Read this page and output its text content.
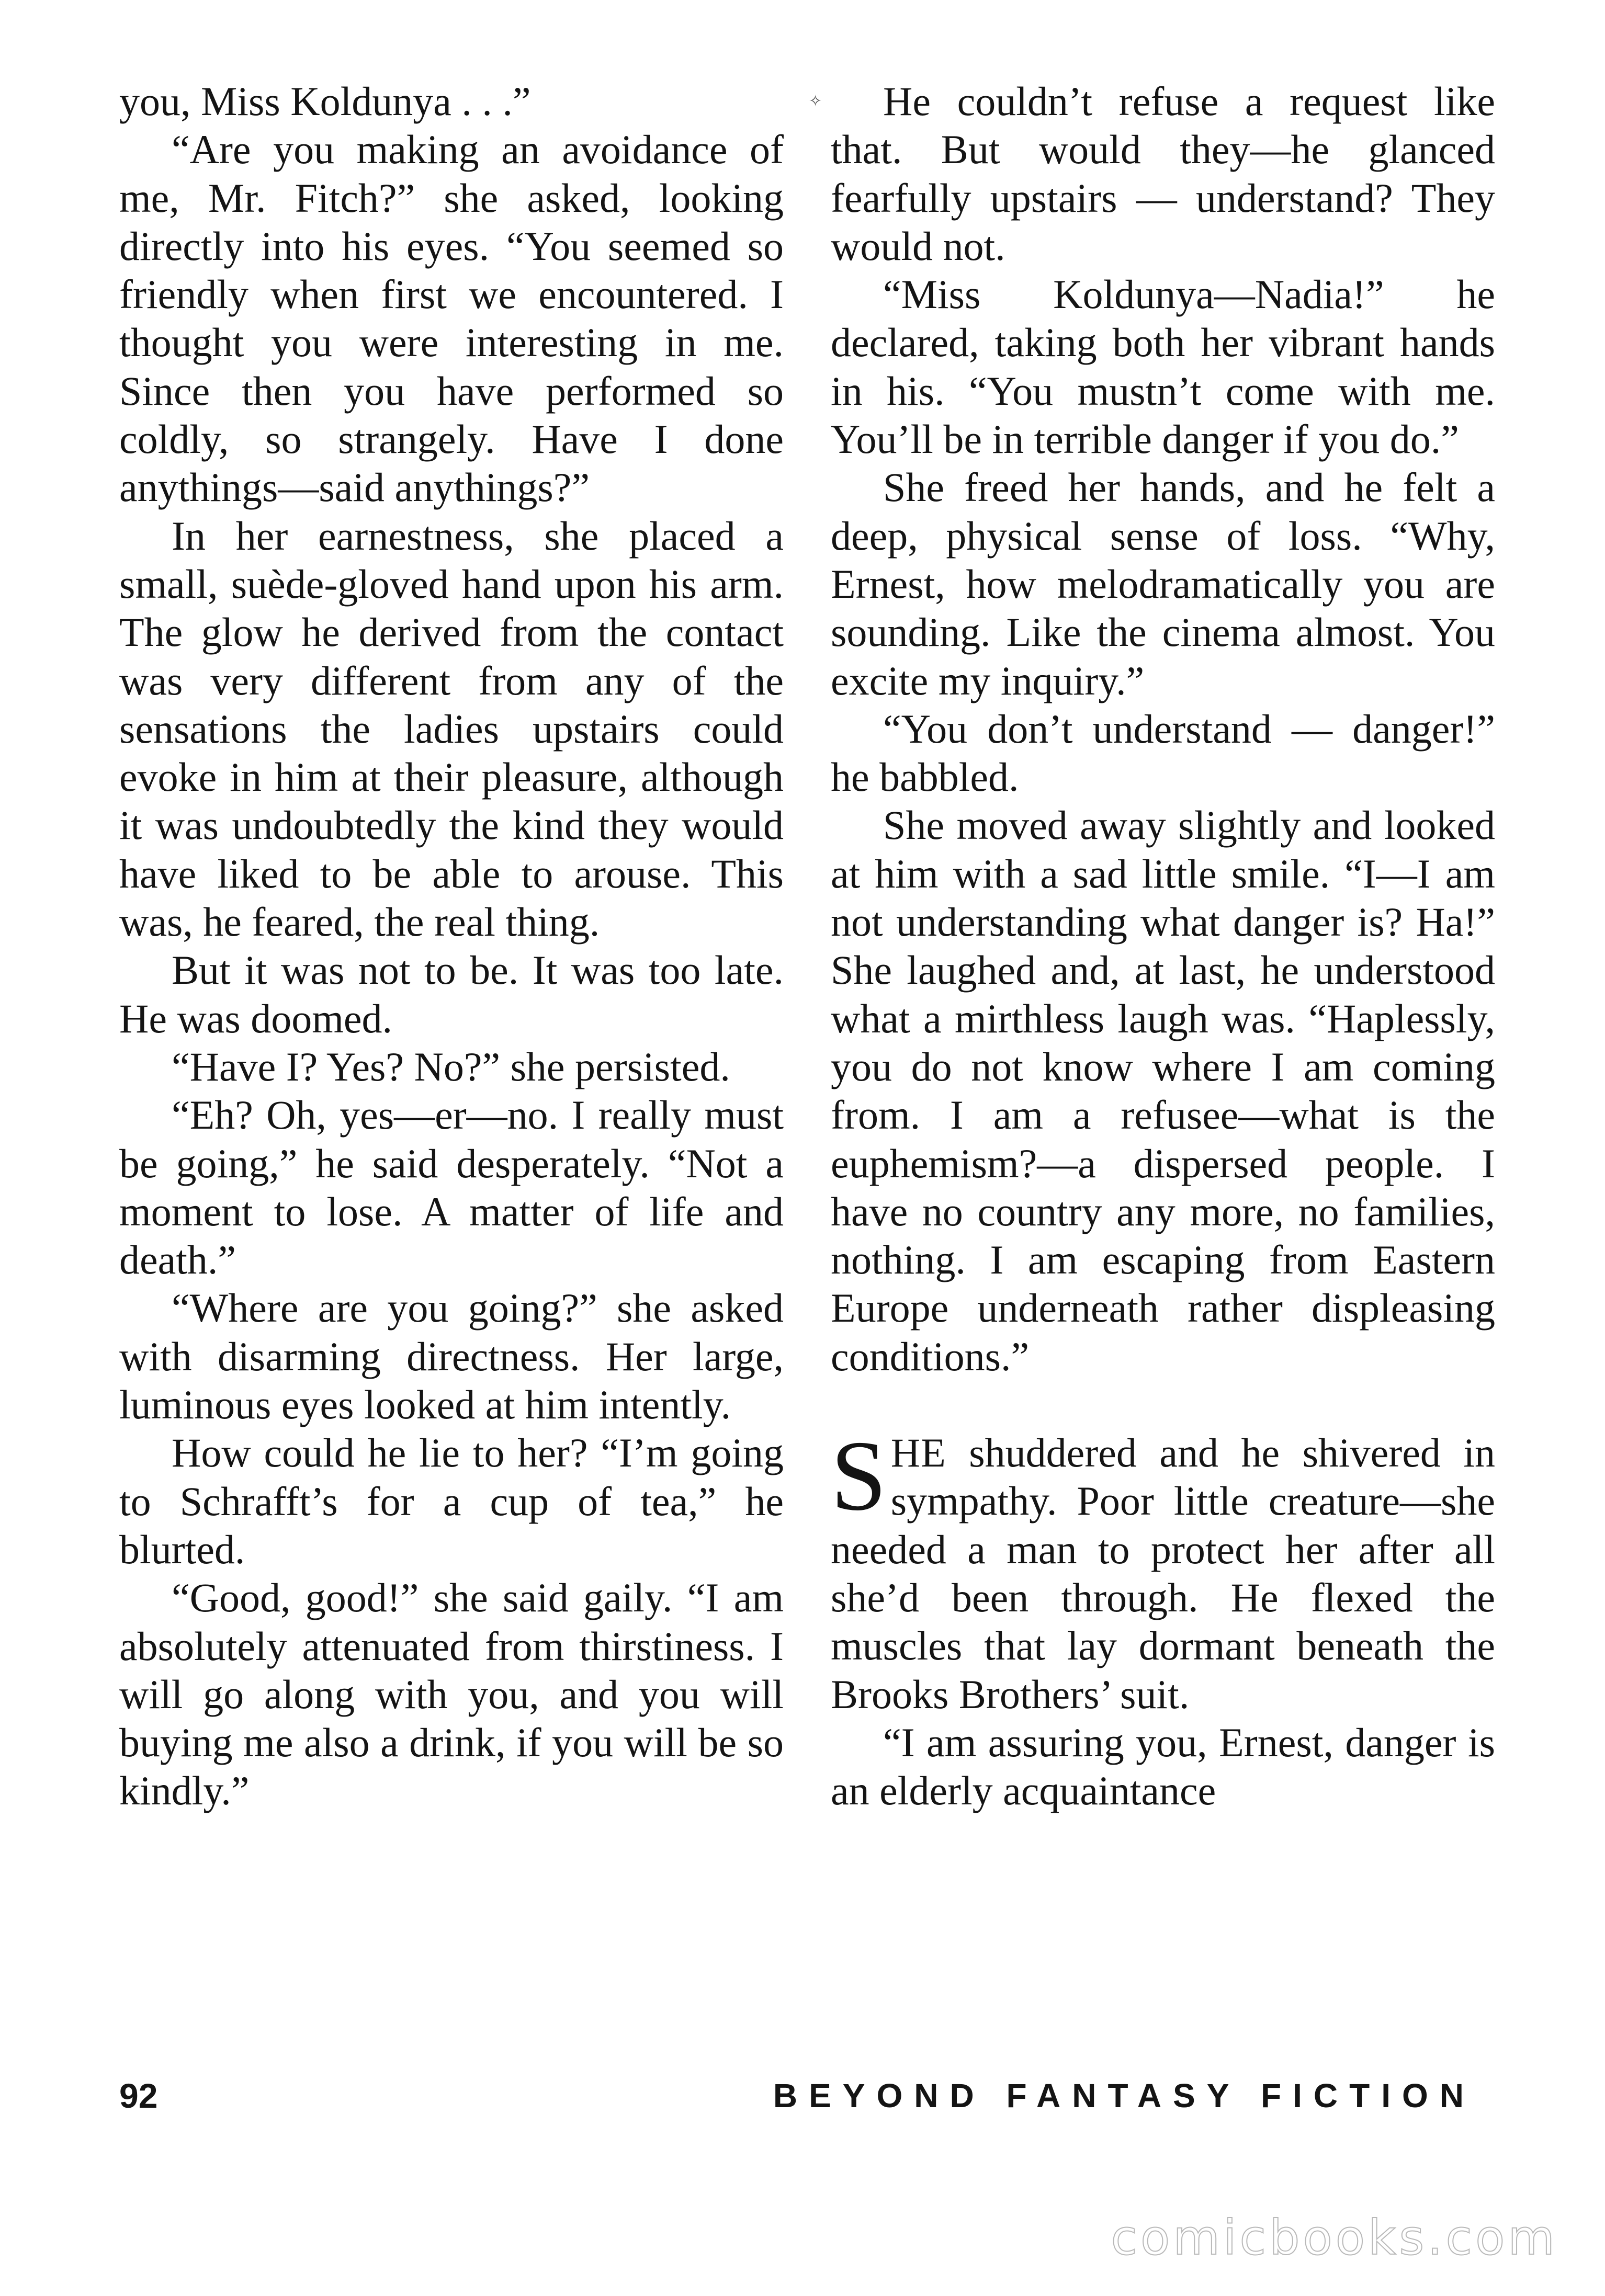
✧

you, Miss Koldunya . . .”

“Are you making an avoidance of me, Mr. Fitch?” she asked, looking directly into his eyes. “You seemed so friendly when first we encountered. I thought you were interesting in me. Since then you have performed so coldly, so strangely. Have I done anythings—said anythings?”

In her earnestness, she placed a small, suède-gloved hand upon his arm. The glow he derived from the contact was very different from any of the sensations the ladies upstairs could evoke in him at their pleasure, although it was undoubtedly the kind they would have liked to be able to arouse. This was, he feared, the real thing.

But it was not to be. It was too late. He was doomed.

“Have I? Yes? No?” she persisted.

“Eh? Oh, yes—er—no. I really must be going,” he said desperately. “Not a moment to lose. A matter of life and death.”

“Where are you going?” she asked with disarming directness. Her large, luminous eyes looked at him intently.

How could he lie to her? “I’m going to Schrafft’s for a cup of tea,” he blurted.

“Good, good!” she said gaily. “I am absolutely attenuated from thirstiness. I will go along with you, and you will buying me also a drink, if you will be so kindly.”

He couldn’t refuse a request like that. But would they—he glanced fearfully upstairs — understand? They would not.

“Miss Koldunya—Nadia!” he declared, taking both her vibrant hands in his. “You mustn’t come with me. You’ll be in terrible danger if you do.”

She freed her hands, and he felt a deep, physical sense of loss. “Why, Ernest, how melodramatically you are sounding. Like the cinema almost. You excite my inquiry.”

“You don’t understand — danger!” he babbled.

She moved away slightly and looked at him with a sad little smile. “I—I am not understanding what danger is? Ha!” She laughed and, at last, he understood what a mirthless laugh was. “Haplessly, you do not know where I am coming from. I am a refusee—what is the euphemism?—a dispersed people. I have no country any more, no families, nothing. I am escaping from Eastern Europe underneath rather displeasing conditions.”

SHE shuddered and he shivered in sympathy. Poor little creature—she needed a man to protect her after all she’d been through. He flexed the muscles that lay dormant beneath the Brooks Brothers’ suit.

“I am assuring you, Ernest, danger is an elderly acquaintance

92	BEYOND FANTASY FICTION
comicbooks.com
